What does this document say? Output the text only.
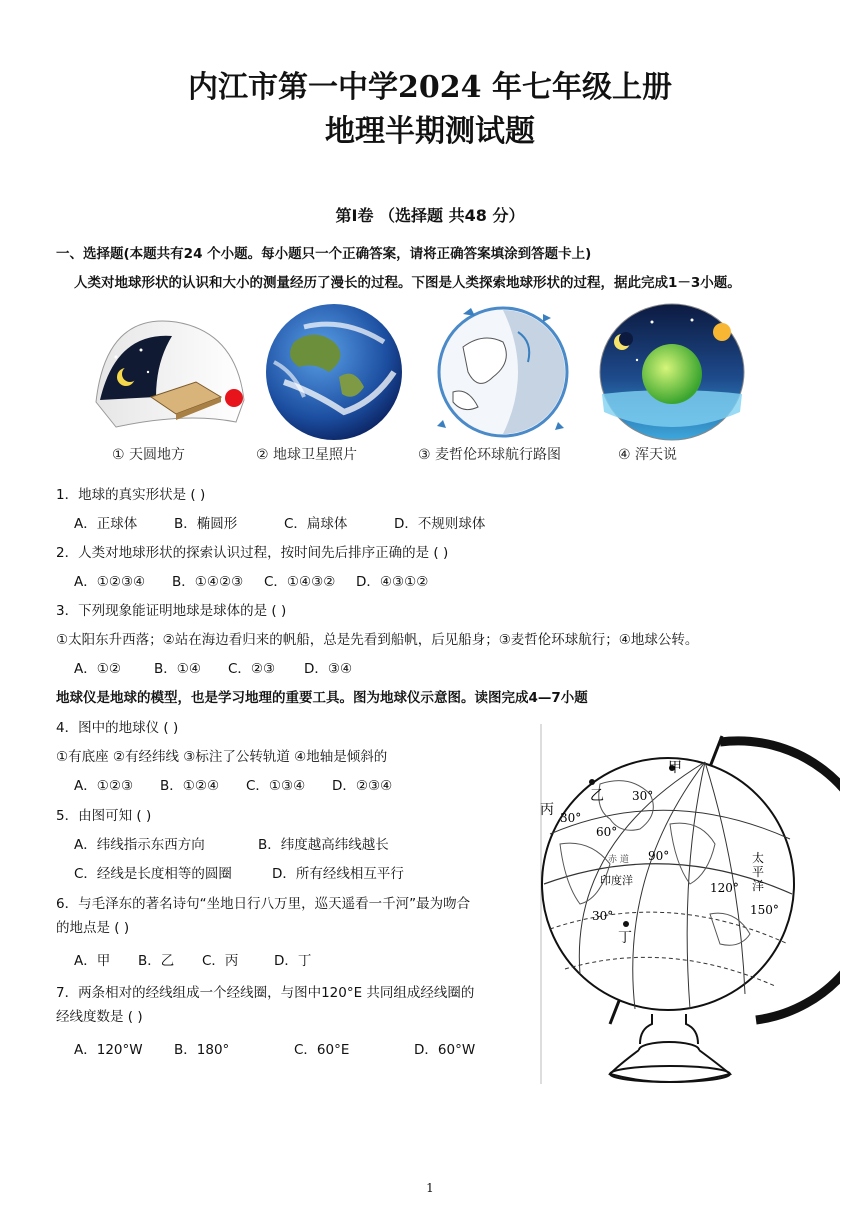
内江市第一中学2024 年七年级上册
地理半期测试题
第Ⅰ卷 （选择题 共48 分）
一、选择题(本题共有24 个小题。每小题只一个正确答案，请将正确答案填涂到答题卡上)
人类对地球形状的认识和大小的测量经历了漫长的过程。下图是人类探索地球形状的过程，据此完成1－3小题。
① 天圆地方	② 地球卫星照片	③ 麦哲伦环球航行路图	④ 浑天说
1．地球的真实形状是 ( )
A．正球体	B．椭圆形	C．扁球体	D．不规则球体
2．人类对地球形状的探索认识过程，按时间先后排序正确的是 ( )
A．①②③④ B．①④②③ C．①④③② D．④③①②
3．下列现象能证明地球是球体的是 ( )
①太阳东升西落；②站在海边看归来的帆船，总是先看到船帆，后见船身；③麦哲伦环球航行；④地球公转。
A．①② B．①④ C．②③ D．③④
地球仪是地球的模型，也是学习地理的重要工具。图为地球仪示意图。读图完成4—7小题
4．图中的地球仪 ( )
①有底座 ②有经纬线 ③标注了公转轨道 ④地轴是倾斜的
A．①②③ B．①②④ C．①③④ D．②③④
5．由图可知 ( )
A．纬线指示东西方向	B．纬度越高纬线越长
C．经线是长度相等的圆圈	D．所有经线相互平行
6．与毛泽东的著名诗句“坐地日行八万里，巡天遥看一千河”最为吻合
的地点是 ( )
A．甲 B．乙 C．丙	D．丁
7．两条相对的经线组成一个经线圈，与图中120°E 共同组成经线圈的
经线度数是 ( )
A．120°W B．180°	C．60°E	D．60°W
甲
乙
丙
丁
30°
30°
60°
90°
120°
150°
30°
赤 道
印度洋
太
平
洋
1
